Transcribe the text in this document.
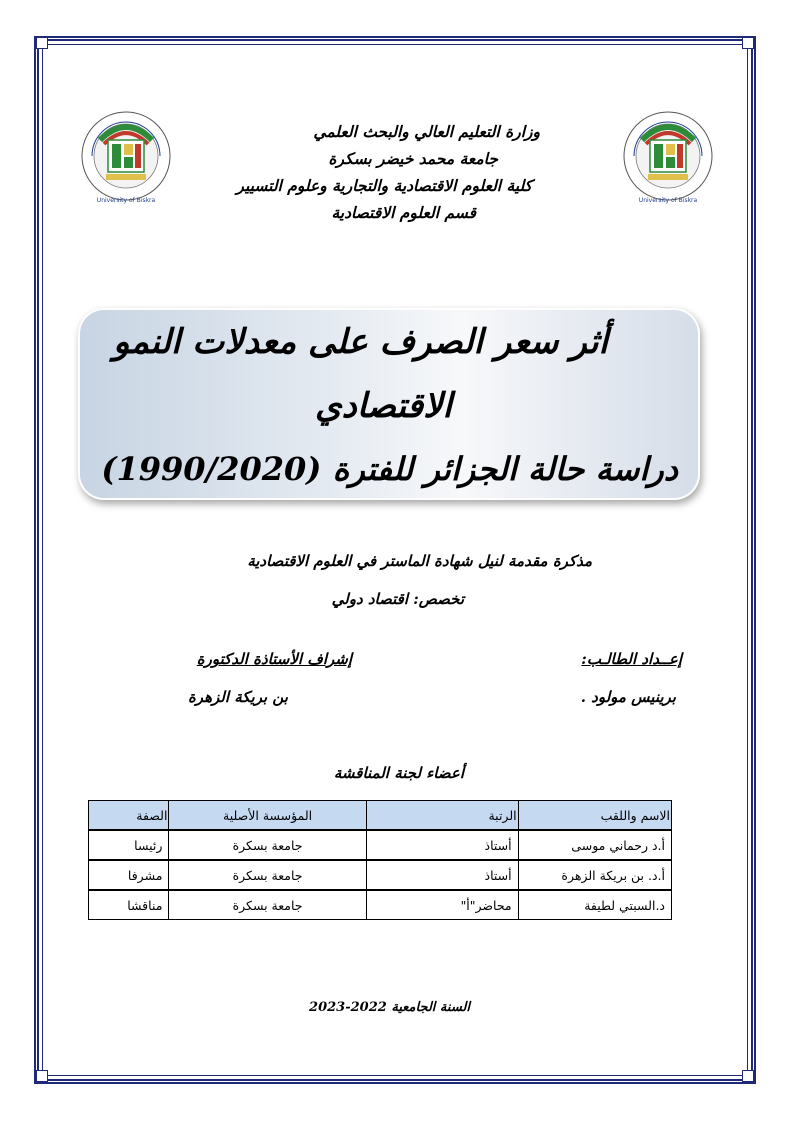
University of Biskra	University of Biskra
وزارة التعليم العالي والبحث العلمي
جامعة محمد خيضر بسكرة
كلية العلوم الاقتصادية والتجارية وعلوم التسيير
قسم العلوم الاقتصادية
أثر سعر الصرف على معدلات النمو
الاقتصادي
دراسة حالة الجزائر للفترة (1990/2020)
مذكرة مقدمة لنيل شهادة الماستر في العلوم الاقتصادية
تخصص: اقتصاد دولي
إعــداد الطالـب:
إشراف الأستاذة الدكتورة
برينيس مولود .
بن بريكة الزهرة
أعضاء لجنة المناقشة
الاسم واللقب	الرتبة	المؤسسة الأصلية	الصفة
أ.د رحماني موسى	أستاذ	جامعة بسكرة	رئيسا
أ.د. بن بريكة الزهرة	أستاذ	جامعة بسكرة	مشرفا
د.السبتي لطيفة	محاضر"أ"	جامعة بسكرة	مناقشا
السنة الجامعية 2022-2023
